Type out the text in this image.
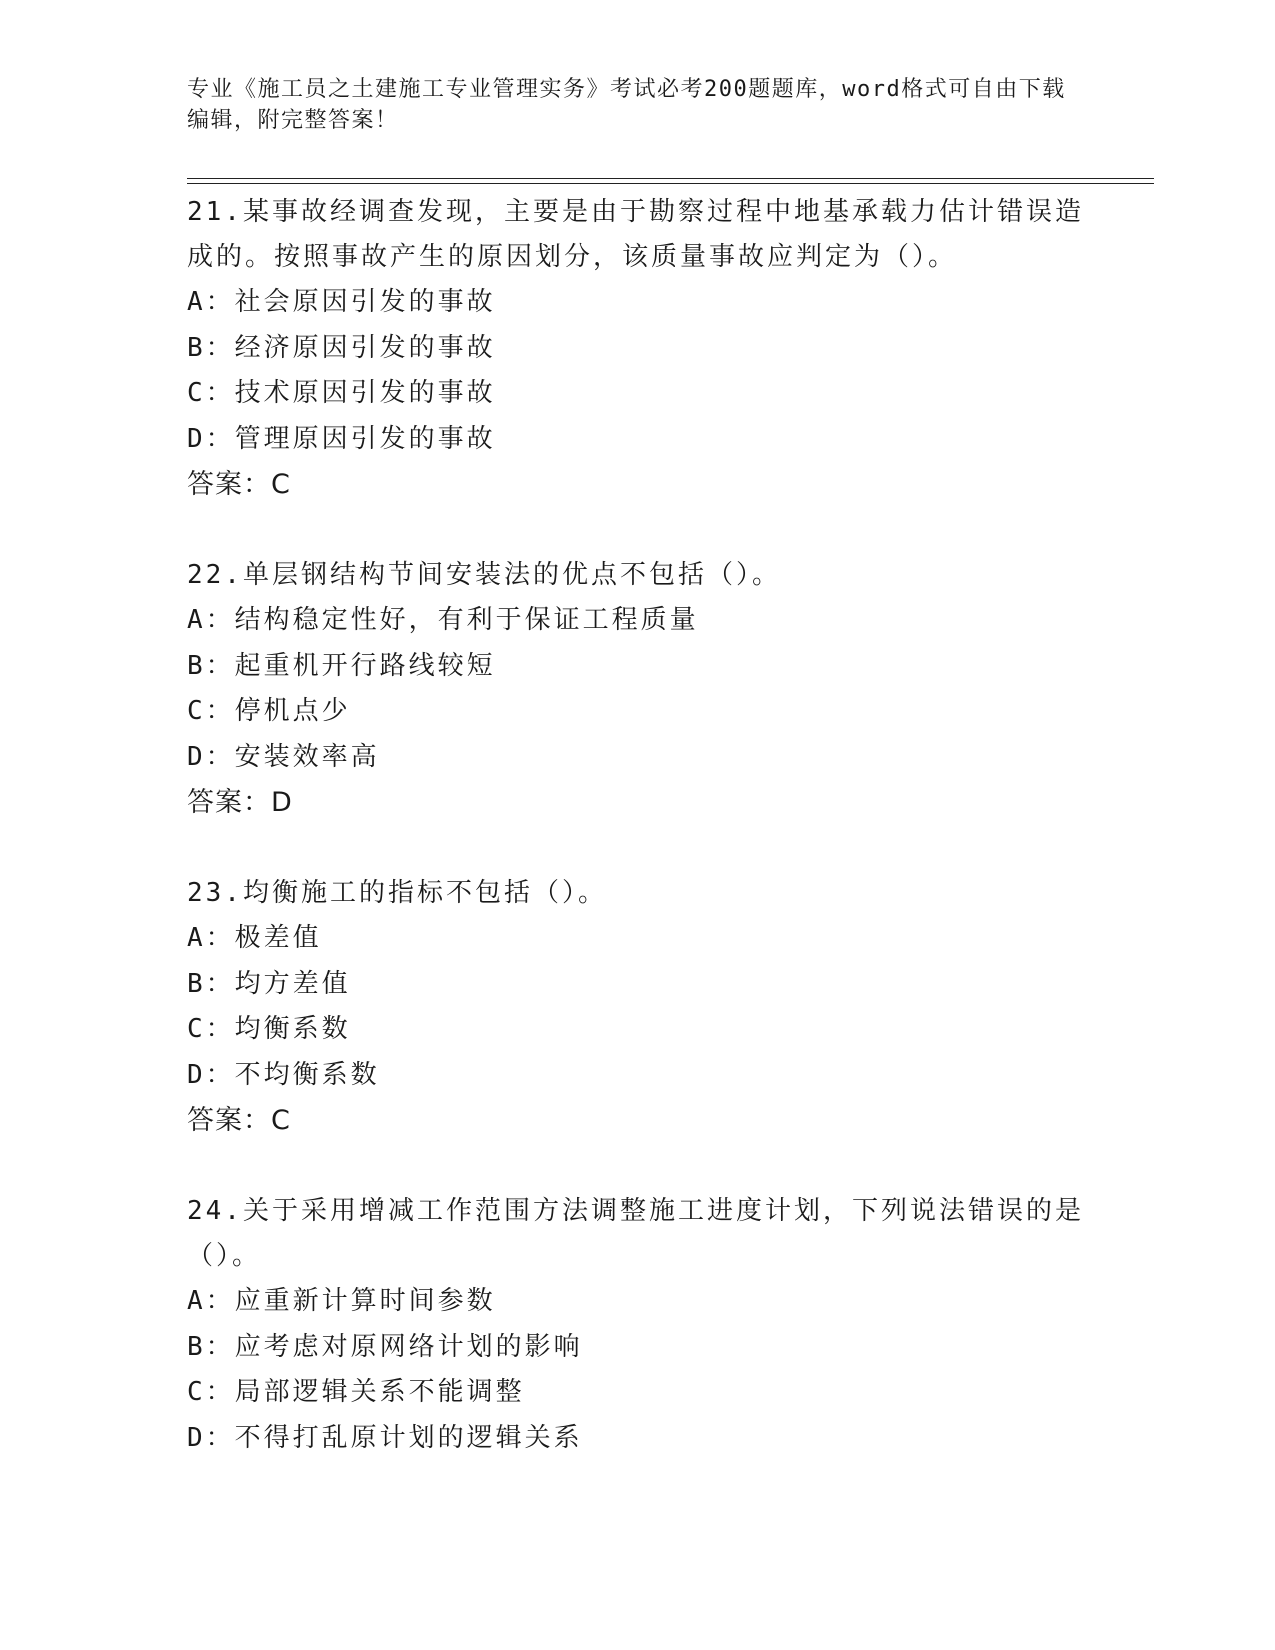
专业《施工员之土建施工专业管理实务》考试必考200题题库，word格式可自由下载编辑，附完整答案！
21.某事故经调查发现，主要是由于勘察过程中地基承载力估计错误造成的。按照事故产生的原因划分，该质量事故应判定为（）。
A：社会原因引发的事故
B：经济原因引发的事故
C：技术原因引发的事故
D：管理原因引发的事故
答案：C
22.单层钢结构节间安装法的优点不包括（）。
A：结构稳定性好，有利于保证工程质量
B：起重机开行路线较短
C：停机点少
D：安装效率高
答案：D
23.均衡施工的指标不包括（）。
A：极差值
B：均方差值
C：均衡系数
D：不均衡系数
答案：C
24.关于采用增减工作范围方法调整施工进度计划，下列说法错误的是（）。
A：应重新计算时间参数
B：应考虑对原网络计划的影响
C：局部逻辑关系不能调整
D：不得打乱原计划的逻辑关系
